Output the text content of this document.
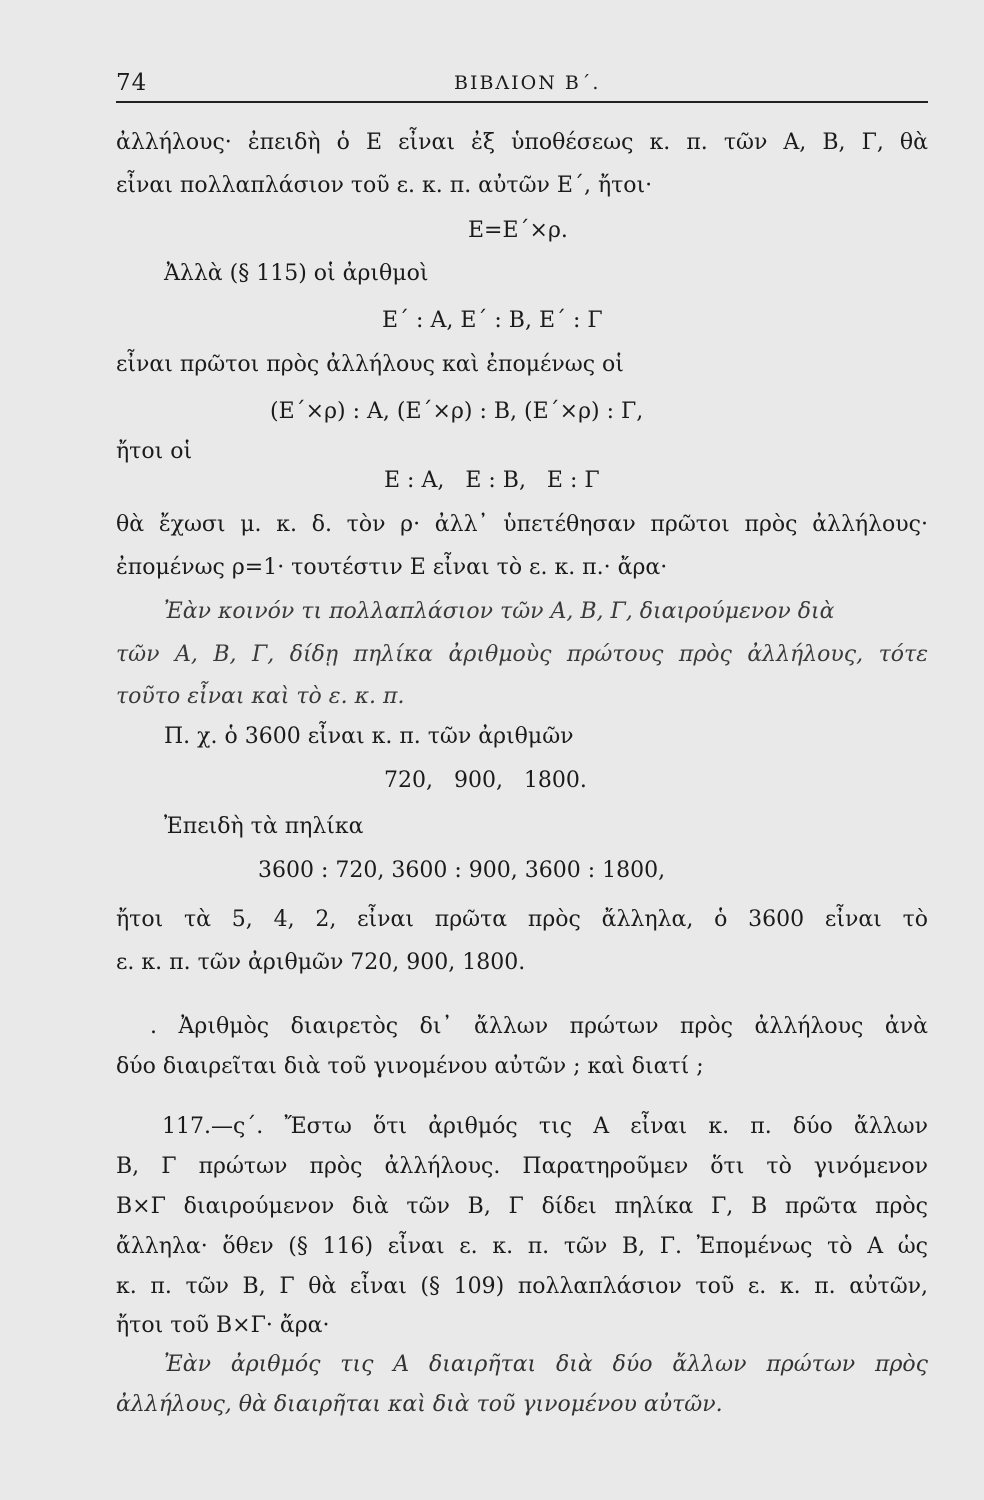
74	ΒΙΒΛΙΟΝ Β΄.
ἀλλήλους· ἐπειδὴ ὁ Ε εἶναι ἐξ ὑποθέσεως κ. π. τῶν Α, Β, Γ, θὰ
εἶναι πολλαπλάσιον τοῦ ε. κ. π. αὐτῶν Ε΄, ἤτοι·
Ε=Ε΄×ρ.
Ἀλλὰ (§ 115) οἱ ἀριθμοὶ
Ε΄ : Α, Ε΄ : Β, Ε΄ : Γ
εἶναι πρῶτοι πρὸς ἀλλήλους καὶ ἐπομένως οἱ
(Ε΄×ρ) : Α, (Ε΄×ρ) : Β, (Ε΄×ρ) : Γ,
ἤτοι οἱ
Ε : Α,   Ε : Β,   Ε : Γ
θὰ ἔχωσι μ. κ. δ. τὸν ρ· ἀλλ᾽ ὑπετέθησαν πρῶτοι πρὸς ἀλλήλους·
ἐπομένως ρ=1· τουτέστιν Ε εἶναι τὸ ε. κ. π.· ἄρα·
Ἐὰν κοινόν τι πολλαπλάσιον τῶν Α, Β, Γ, διαιρούμενον διὰ
τῶν Α, Β, Γ, δίδῃ πηλίκα ἀριθμοὺς πρώτους πρὸς ἀλλήλους, τότε
τοῦτο εἶναι καὶ τὸ ε. κ. π.
Π. χ. ὁ 3600 εἶναι κ. π. τῶν ἀριθμῶν
720,   900,   1800.
Ἐπειδὴ τὰ πηλίκα
3600 : 720, 3600 : 900, 3600 : 1800,
ἤτοι τὰ 5, 4, 2, εἶναι πρῶτα πρὸς ἄλληλα, ὁ 3600 εἶναι τὸ
ε. κ. π. τῶν ἀριθμῶν 720, 900, 1800.
. Ἀριθμὸς διαιρετὸς δι᾽ ἄλλων πρώτων πρὸς ἀλλήλους ἀνὰ
δύο διαιρεῖται διὰ τοῦ γινομένου αὐτῶν ; καὶ διατί ;
117.—ς΄. Ἔστω ὅτι ἀριθμός τις Α εἶναι κ. π. δύο ἄλλων
Β, Γ πρώτων πρὸς ἀλλήλους. Παρατηροῦμεν ὅτι τὸ γινόμενον
Β×Γ διαιρούμενον διὰ τῶν Β, Γ δίδει πηλίκα Γ, Β πρῶτα πρὸς
ἄλληλα· ὅθεν (§ 116) εἶναι ε. κ. π. τῶν Β, Γ. Ἐπομένως τὸ Α ὡς
κ. π. τῶν Β, Γ θὰ εἶναι (§ 109) πολλαπλάσιον τοῦ ε. κ. π. αὐτῶν,
ἤτοι τοῦ Β×Γ· ἄρα·
Ἐὰν ἀριθμός τις Α διαιρῆται διὰ δύο ἄλλων πρώτων πρὸς
ἀλλήλους, θὰ διαιρῆται καὶ διὰ τοῦ γινομένου αὐτῶν.
